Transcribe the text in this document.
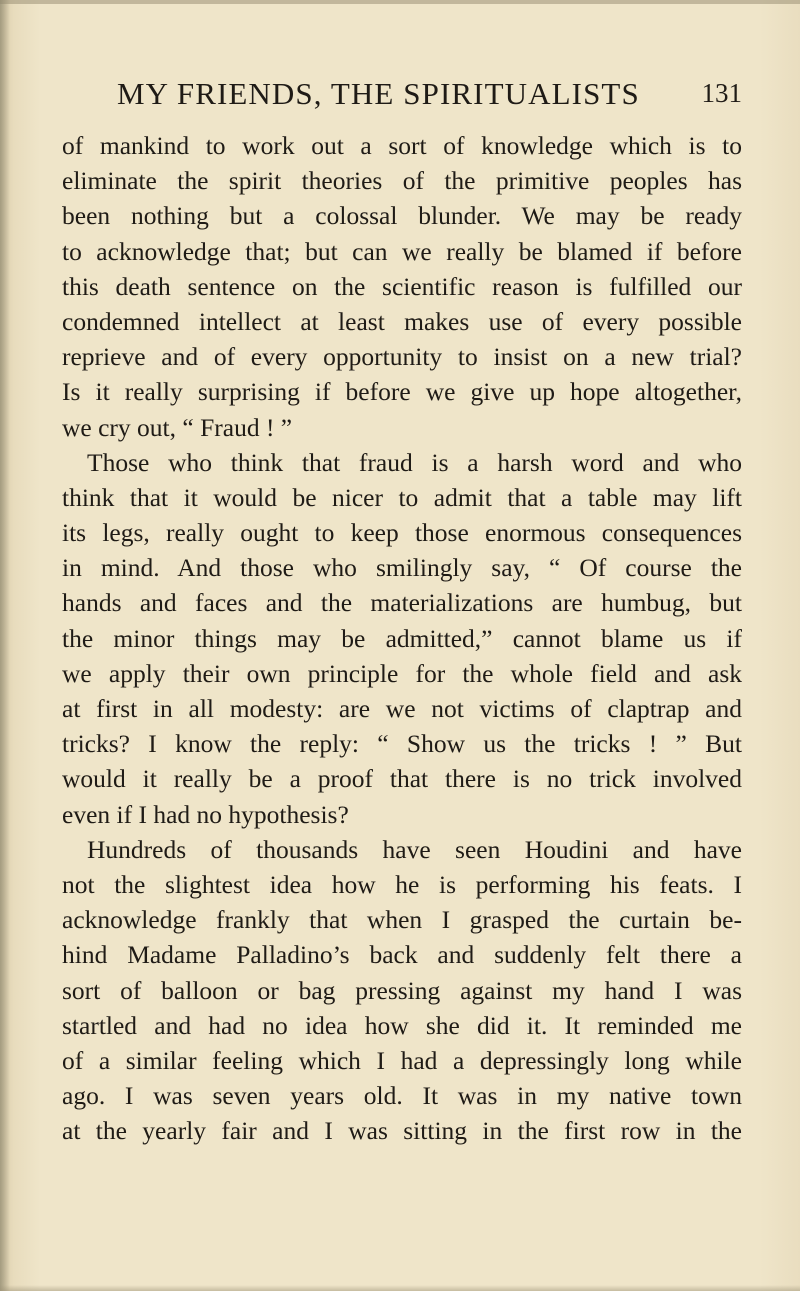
MY FRIENDS, THE SPIRITUALISTS 131
of mankind to work out a sort of knowledge which is to
eliminate the spirit theories of the primitive peoples has
been nothing but a colossal blunder. We may be ready
to acknowledge that; but can we really be blamed if before
this death sentence on the scientific reason is fulfilled our
condemned intellect at least makes use of every possible
reprieve and of every opportunity to insist on a new trial?
Is it really surprising if before we give up hope altogether,
we cry out, “ Fraud ! ”
Those who think that fraud is a harsh word and who
think that it would be nicer to admit that a table may lift
its legs, really ought to keep those enormous consequences
in mind. And those who smilingly say, “ Of course the
hands and faces and the materializations are humbug, but
the minor things may be admitted,” cannot blame us if
we apply their own principle for the whole field and ask
at first in all modesty: are we not victims of claptrap and
tricks? I know the reply: “ Show us the tricks ! ” But
would it really be a proof that there is no trick involved
even if I had no hypothesis?
Hundreds of thousands have seen Houdini and have
not the slightest idea how he is performing his feats. I
acknowledge frankly that when I grasped the curtain be-
hind Madame Palladino’s back and suddenly felt there a
sort of balloon or bag pressing against my hand I was
startled and had no idea how she did it. It reminded me
of a similar feeling which I had a depressingly long while
ago. I was seven years old. It was in my native town
at the yearly fair and I was sitting in the first row in the
